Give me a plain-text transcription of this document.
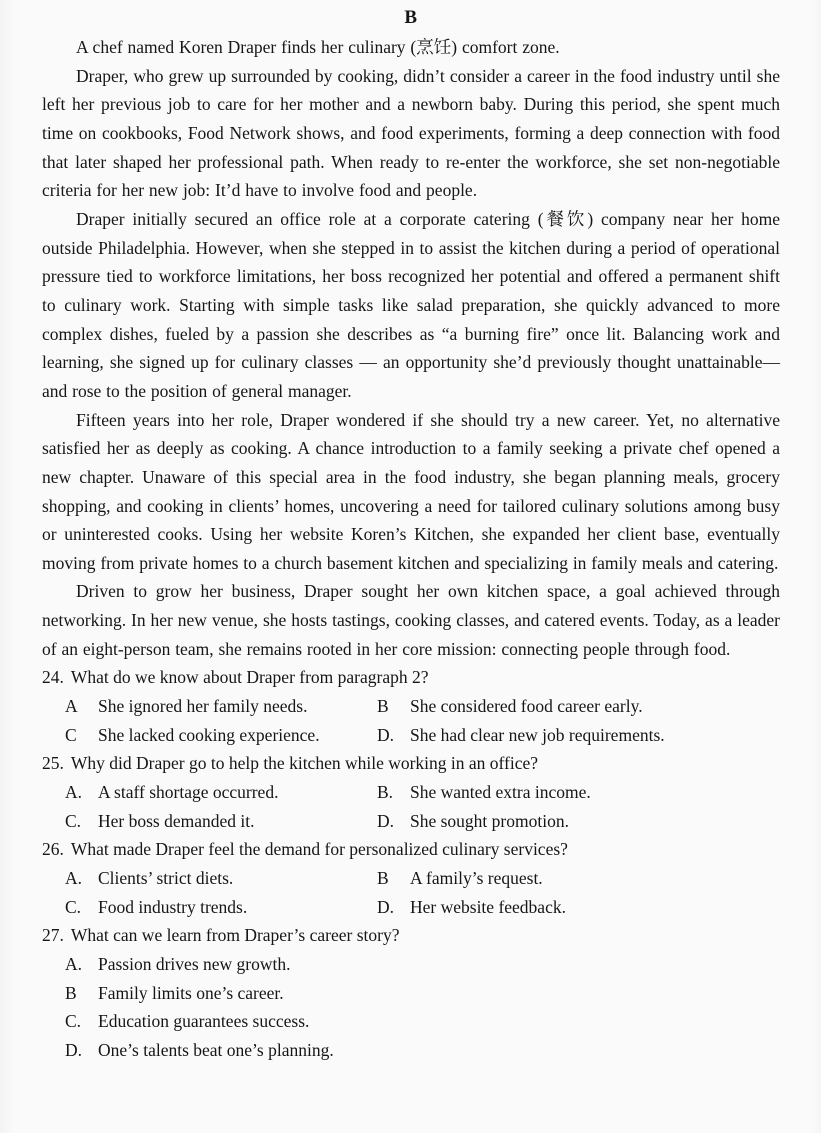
B

A chef named Koren Draper finds her culinary (烹饪) comfort zone.

Draper, who grew up surrounded by cooking, didn’t consider a career in the food industry until she left her previous job to care for her mother and a newborn baby. During this period, she spent much time on cookbooks, Food Network shows, and food experiments, forming a deep connection with food that later shaped her professional path. When ready to re-enter the workforce, she set non-negotiable criteria for her new job: It’d have to involve food and people.

Draper initially secured an office role at a corporate catering (餐饮) company near her home outside Philadelphia. However, when she stepped in to assist the kitchen during a period of operational pressure tied to workforce limitations, her boss recognized her potential and offered a permanent shift to culinary work. Starting with simple tasks like salad preparation, she quickly advanced to more complex dishes, fueled by a passion she describes as “a burning fire” once lit. Balancing work and learning, she signed up for culinary classes — an opportunity she’d previously thought unattainable—and rose to the position of general manager.

Fifteen years into her role, Draper wondered if she should try a new career. Yet, no alternative satisfied her as deeply as cooking. A chance introduction to a family seeking a private chef opened a new chapter. Unaware of this special area in the food industry, she began planning meals, grocery shopping, and cooking in clients’ homes, uncovering a need for tailored culinary solutions among busy or uninterested cooks. Using her website Koren’s Kitchen, she expanded her client base, eventually moving from private homes to a church basement kitchen and specializing in family meals and catering.

Driven to grow her business, Draper sought her own kitchen space, a goal achieved through networking. In her new venue, she hosts tastings, cooking classes, and catered events. Today, as a leader of an eight-person team, she remains rooted in her core mission: connecting people through food.

24. What do we know about Draper from paragraph 2?
A She ignored her family needs.	B She considered food career early.
C She lacked cooking experience.	D. She had clear new job requirements.
25. Why did Draper go to help the kitchen while working in an office?
A. A staff shortage occurred.	B. She wanted extra income.
C. Her boss demanded it.	D. She sought promotion.
26. What made Draper feel the demand for personalized culinary services?
A. Clients’ strict diets.	B A family’s request.
C. Food industry trends.	D. Her website feedback.
27. What can we learn from Draper’s career story?
A. Passion drives new growth.
B Family limits one’s career.
C. Education guarantees success.
D. One’s talents beat one’s planning.
